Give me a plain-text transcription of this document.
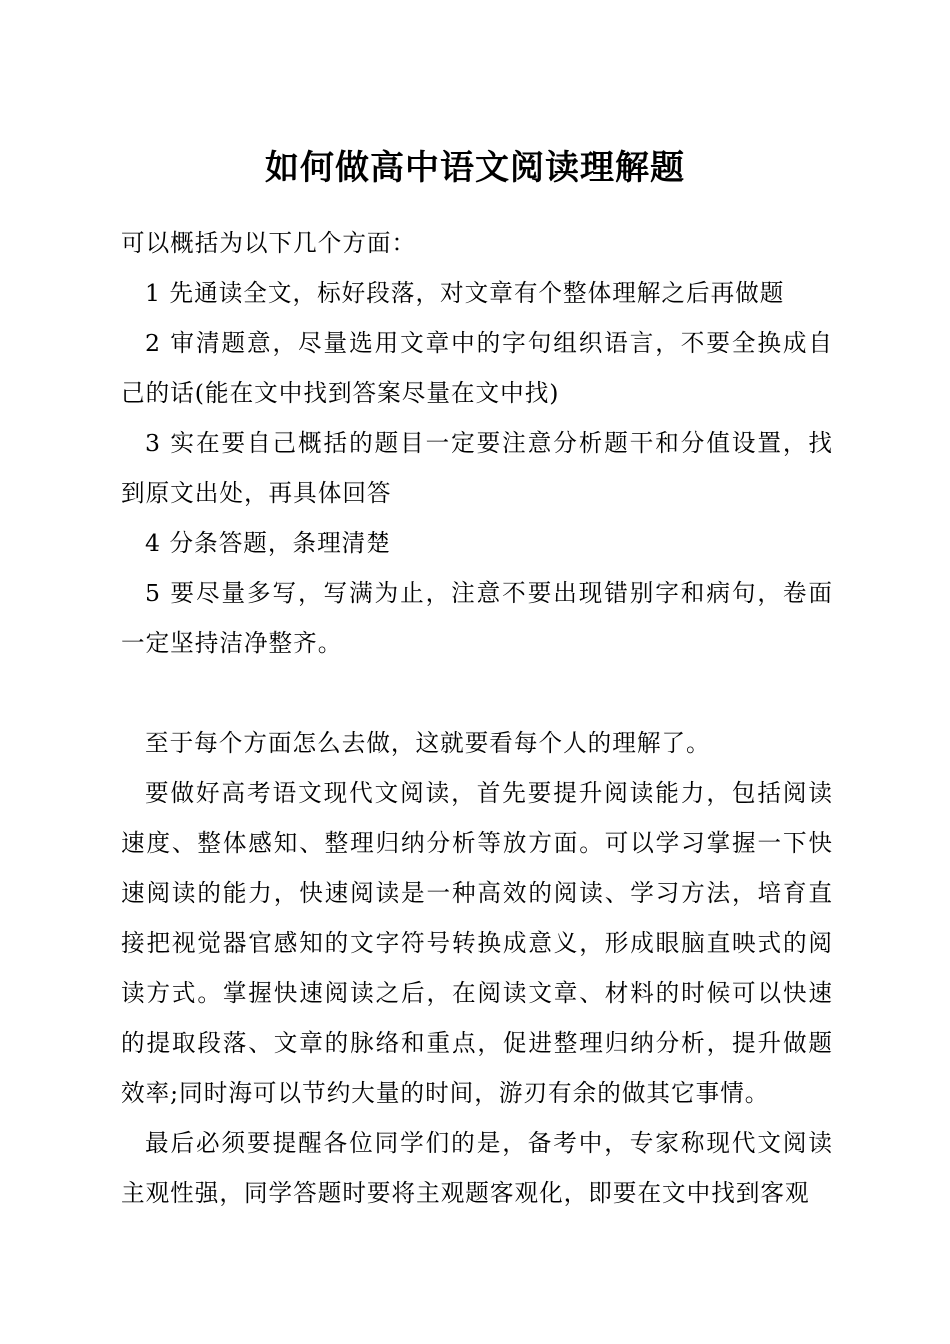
如何做高中语文阅读理解题

可以概括为以下几个方面：

1 先通读全文，标好段落，对文章有个整体理解之后再做题

2 审清题意，尽量选用文章中的字句组织语言，不要全换成自己的话(能在文中找到答案尽量在文中找)

3 实在要自己概括的题目一定要注意分析题干和分值设置，找到原文出处，再具体回答

4 分条答题，条理清楚

5 要尽量多写，写满为止，注意不要出现错别字和病句，卷面一定坚持洁净整齐。

至于每个方面怎么去做，这就要看每个人的理解了。

要做好高考语文现代文阅读，首先要提升阅读能力，包括阅读速度、整体感知、整理归纳分析等放方面。可以学习掌握一下快速阅读的能力，快速阅读是一种高效的阅读、学习方法，培育直接把视觉器官感知的文字符号转换成意义，形成眼脑直映式的阅读方式。掌握快速阅读之后，在阅读文章、材料的时候可以快速的提取段落、文章的脉络和重点，促进整理归纳分析，提升做题效率;同时海可以节约大量的时间，游刃有余的做其它事情。

最后必须要提醒各位同学们的是，备考中，专家称现代文阅读主观性强，同学答题时要将主观题客观化，即要在文中找到客观
